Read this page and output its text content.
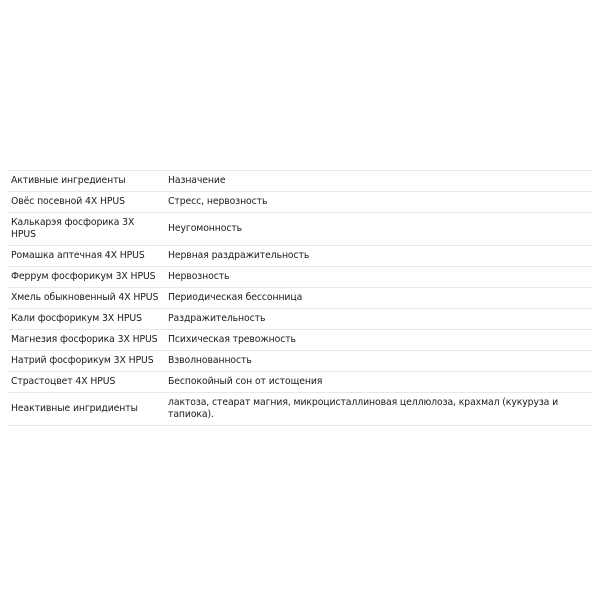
Активные ингредиенты	Назначение
Овёс посевной 4X HPUS	Стресс, нервозность
Калькарэя фосфорика 3X HPUS	Неугомонность
Ромашка аптечная 4X HPUS	Нервная раздражительность
Феррум фосфорикум 3X HPUS	Нервозность
Хмель обыкновенный 4X HPUS	Периодическая бессонница
Кали фосфорикум 3X HPUS	Раздражительность
Магнезия фосфорика 3X HPUS	Психическая тревожность
Натрий фосфорикум 3X HPUS	Взволнованность
Страстоцвет 4X HPUS	Беспокойный сон от истощения
Неактивные ингридиенты	лактоза, стеарат магния, микроцисталлиновая целлюлоза, крахмал (кукуруза и тапиока).
